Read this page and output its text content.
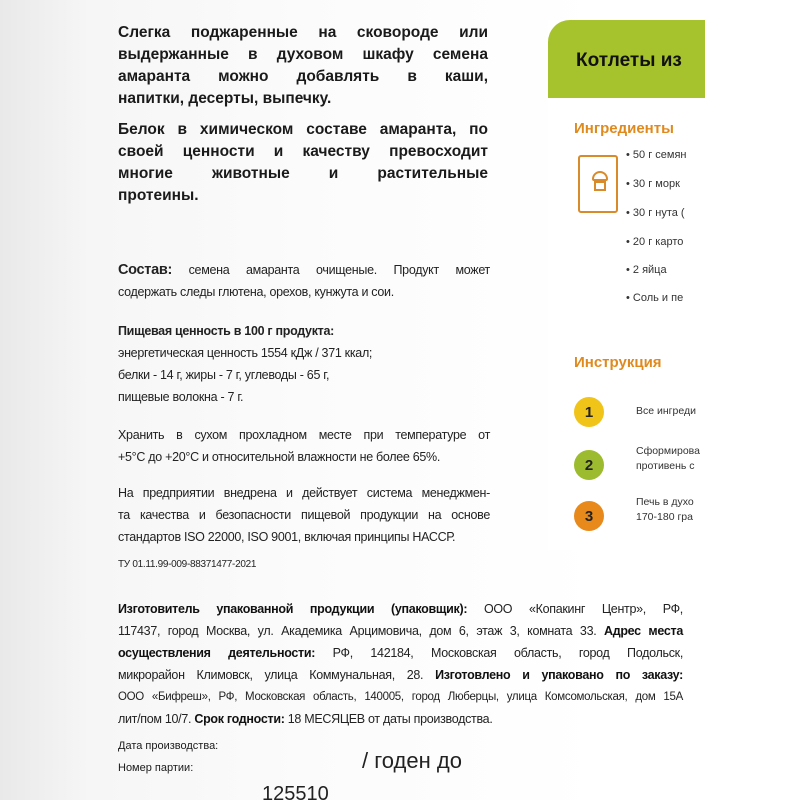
Слегка поджаренные на сковороде или
выдержанные в духовом шкафу семена
амаранта можно добавлять в каши,
напитки, десерты, выпечку.
Белок в химическом составе амаранта, по
своей ценности и качеству превосходит
многие животные и растительные
протеины.
Состав: семена амаранта очищеные. Продукт может
содержать следы глютена, орехов, кунжута и сои.
Пищевая ценность в 100 г продукта:
энергетическая ценность 1554 кДж / 371 ккал;
белки - 14 г, жиры - 7 г, углеводы - 65 г,
пищевые волокна - 7 г.
Хранить в сухом прохладном месте при температуре от
+5°С до +20°С и относительной влажности не более 65%.
На предприятии внедрена и действует система менеджмен-
та качества и безопасности пищевой продукции на основе
стандартов ISO 22000, ISO 9001, включая принципы НАССР.
ТУ 01.11.99-009-88371477-2021
Изготовитель упакованной продукции (упаковщик): ООО «Копакинг Центр», РФ,
117437, город Москва, ул. Академика Арцимовича, дом 6, этаж 3, комната 33. Адрес места
осуществления деятельности: РФ, 142184, Московская область, город Подольск,
микрорайон Климовск, улица Коммунальная, 28. Изготовлено и упаковано по заказу:
ООО «Бифреш», РФ, Московская область, 140005, город Люберцы, улица Комсомольская, дом 15А
лит/пом 10/7. Срок годности: 18 МЕСЯЦЕВ от даты производства.
Дата производства:
Номер партии:	/ годен до
125510
Котлеты из
Ингредиенты
• 50 г семян
• 30 г морк
• 30 г нута (
• 20 г карто
• 2 яйца
• Соль и пе
Инструкция
1	Все ингреди
2
Сформирова
противень с
3
Печь в духо
170-180 гра
